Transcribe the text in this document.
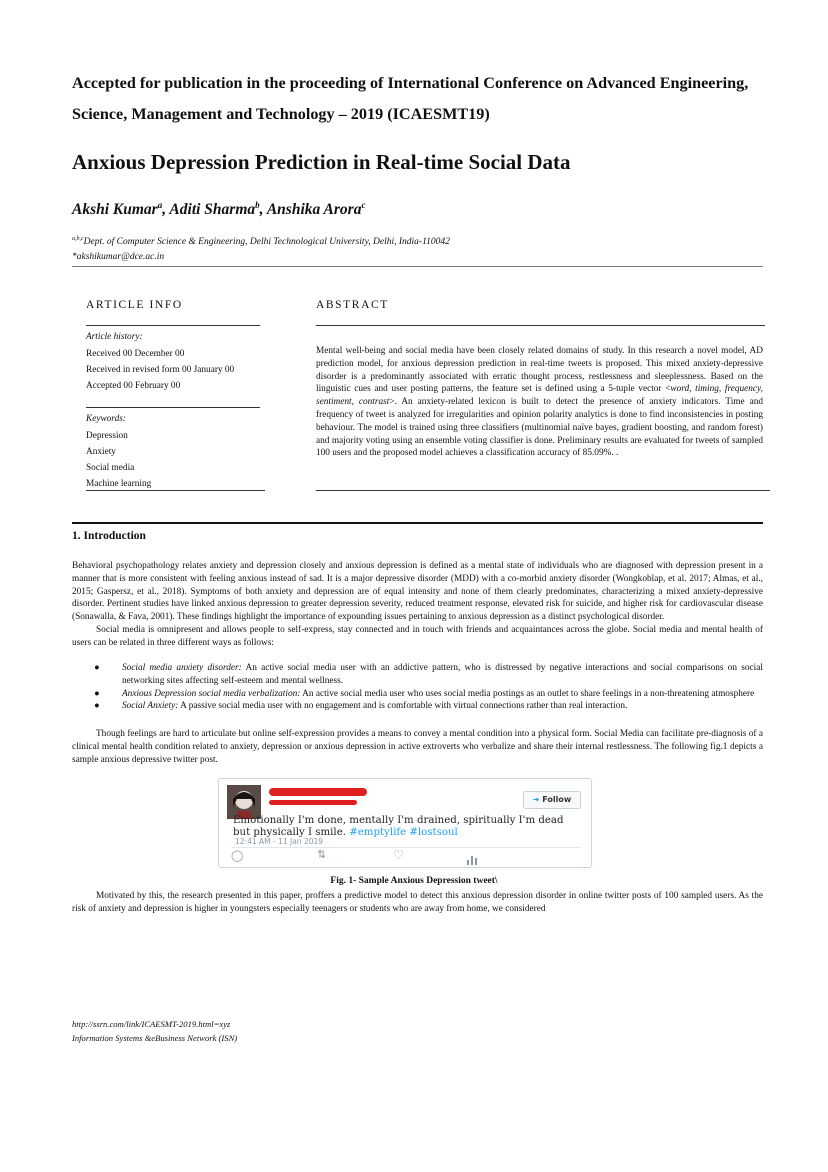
Accepted for publication in the proceeding of International Conference on Advanced Engineering, Science, Management and Technology – 2019 (ICAESMT19)
Anxious Depression Prediction in Real-time Social Data
Akshi Kumar$^a$, Aditi Sharma$^b$, Anshika Arora$^c$
$^{a,b,c}$Dept. of Computer Science & Engineering, Delhi Technological University, Delhi, India-110042
*akshikumar@dce.ac.in
ARTICLE INFO
Article history:
Received 00 December 00
Received in revised form 00 January 00
Accepted 00 February 00
Keywords:
Depression
Anxiety
Social media
Machine learning
ABSTRACT
Mental well-being and social media have been closely related domains of study. In this research a novel model, AD prediction model, for anxious depression prediction in real-time tweets is proposed. This mixed anxiety-depressive disorder is a predominantly associated with erratic thought process, restlessness and sleeplessness. Based on the linguistic cues and user posting patterns, the feature set is defined using a 5-tuple vector <word, timing, frequency, sentiment, contrast>. An anxiety-related lexicon is built to detect the presence of anxiety indicators. Time and frequency of tweet is analyzed for irregularities and opinion polarity analytics is done to find inconsistencies in posting behaviour. The model is trained using three classifiers (multinomial naïve bayes, gradient boosting, and random forest) and majority voting using an ensemble voting classifier is done. Preliminary results are evaluated for tweets of sampled 100 users and the proposed model achieves a classification accuracy of 85.09%. .
1. Introduction

Behavioral psychopathology relates anxiety and depression closely and anxious depression is defined as a mental state of individuals who are diagnosed with depression present in a manner that is more consistent with feeling anxious instead of sad. It is a major depressive disorder (MDD) with a co-morbid anxiety disorder (Wongkoblap, et al. 2017; Almas, et al., 2015; Gaspersz, et al., 2018). Symptoms of both anxiety and depression are of equal intensity and none of them clearly predominates, characterizing a mixed anxiety-depressive disorder. Pertinent studies have linked anxious depression to greater depression severity, reduced treatment response, elevated risk for suicide, and higher risk for cardiovascular disease (Sonawalla, & Fava, 2001). These findings highlight the importance of expounding issues pertaining to anxious depression as a distinct psychological disorder.

Social media is omnipresent and allows people to self-express, stay connected and in touch with friends and acquaintances across the globe. Social media and mental health of users can be related in three different ways as follows:

● Social media anxiety disorder: An active social media user with an addictive pattern, who is distressed by negative interactions and social comparisons on social networking sites affecting self-esteem and mental wellness.
● Anxious Depression social media verbalization: An active social media user who uses social media postings as an outlet to share feelings in a non-threatening atmosphere
● Social Anxiety: A passive social media user with no engagement and is comfortable with virtual connections rather than real interaction.

Though feelings are hard to articulate but online self-expression provides a means to convey a mental condition into a physical form. Social Media can facilitate pre-diagnosis of a clinical mental health condition related to anxiety, depression or anxious depression in active extroverts who verbalize and share their internal restlessness. The following fig.1 depicts a sample anxious depressive twitter post.

➜ Follow
Emotionally I'm done, mentally I'm drained, spiritually I'm dead but physically I smile. #emptylife #lostsoul
12:41 AM - 11 Jan 2019
◯	⇅	♡
Fig. 1- Sample Anxious Depression tweet\

Motivated by this, the research presented in this paper, proffers a predictive model to detect this anxious depression disorder in online twitter posts of 100 sampled users. As the risk of anxiety and depression is higher in youngsters especially teenagers or students who are away from home, we considered

http://ssrn.com/link/ICAESMT-2019.html=xyz
Information Systems &eBusiness Network (ISN)
